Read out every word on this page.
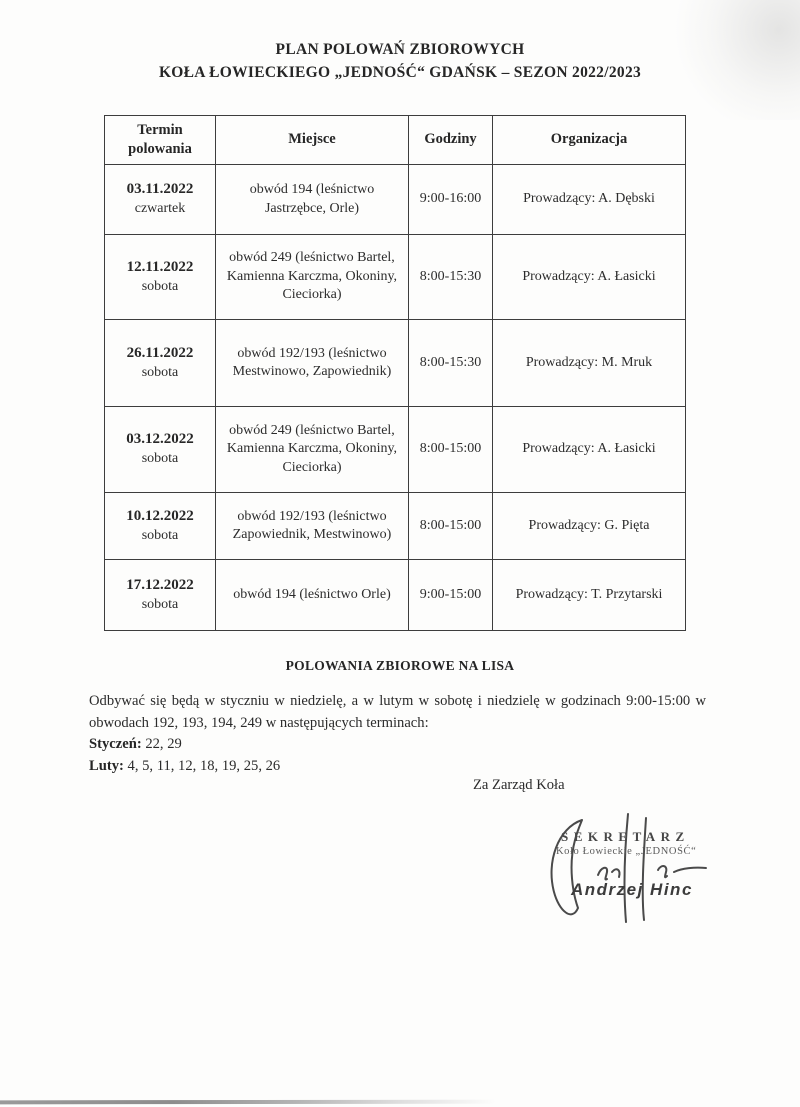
PLAN POLOWAŃ ZBIOROWYCH
KOŁA ŁOWIECKIEGO „JEDNOŚĆ“ GDAŃSK – SEZON 2022/2023
Termin polowania	Miejsce	Godziny	Organizacja

03.11.2022
czwartek	obwód 194 (leśnictwo Jastrzębce, Orle)	9:00-16:00	Prowadzący: A. Dębski

12.11.2022
sobota	obwód 249 (leśnictwo Bartel, Kamienna Karczma, Okoniny, Cieciorka)	8:00-15:30	Prowadzący: A. Łasicki

26.11.2022
sobota	obwód 192/193 (leśnictwo Mestwinowo, Zapowiednik)	8:00-15:30	Prowadzący: M. Mruk

03.12.2022
sobota	obwód 249 (leśnictwo Bartel, Kamienna Karczma, Okoniny, Cieciorka)	8:00-15:00	Prowadzący: A. Łasicki

10.12.2022
sobota	obwód 192/193 (leśnictwo Zapowiednik, Mestwinowo)	8:00-15:00	Prowadzący: G. Pięta

17.12.2022
sobota	obwód 194 (leśnictwo Orle)	9:00-15:00	Prowadzący: T. Przytarski
POLOWANIA ZBIOROWE NA LISA

Odbywać się będą w styczniu w niedzielę, a w lutym w sobotę i niedzielę w godzinach 9:00-15:00 w obwodach 192, 193, 194, 249 w następujących terminach:

Styczeń: 22, 29
Luty: 4, 5, 11, 12, 18, 19, 25, 26
Za Zarząd Koła
SEKRETARZ
Koło Łowieckie „JEDNOŚĆ“
Andrzej Hinc
